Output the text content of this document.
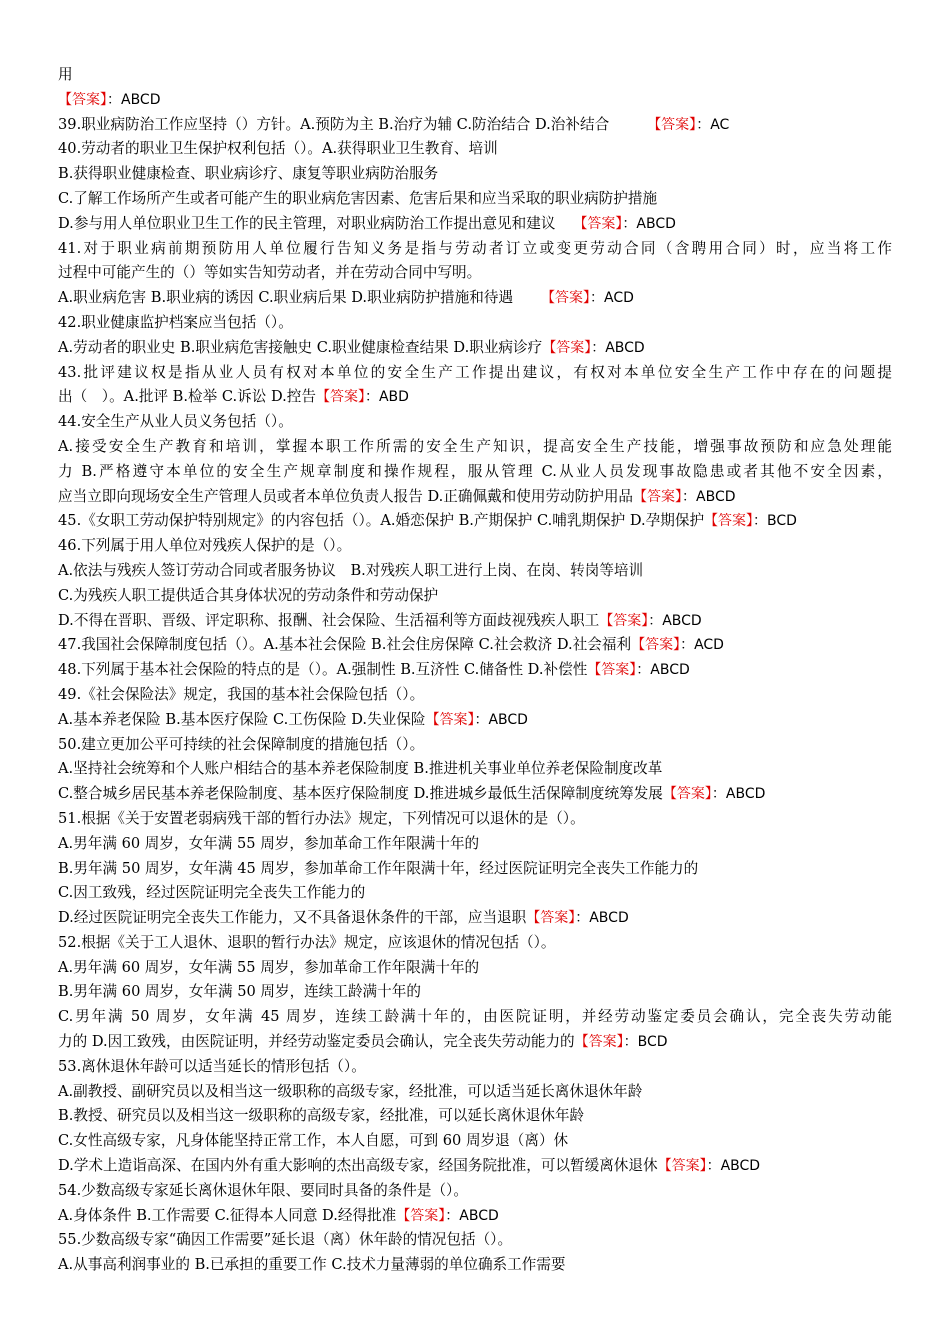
用
【答案】：ABCD
39.职业病防治工作应坚持（）方针。A.预防为主 B.治疗为辅 C.防治结合 D.治补结合	【答案】：AC
40.劳动者的职业卫生保护权利包括（）。A.获得职业卫生教育、培训
B.获得职业健康检查、职业病诊疗、康复等职业病防治服务
C.了解工作场所产生或者可能产生的职业病危害因素、危害后果和应当采取的职业病防护措施
D.参与用人单位职业卫生工作的民主管理，对职业病防治工作提出意见和建议 【答案】：ABCD
41.对于职业病前期预防用人单位履行告知义务是指与劳动者订立或变更劳动合同（含聘用合同）时，应当将工作
过程中可能产生的（）等如实告知劳动者，并在劳动合同中写明。
A.职业病危害 B.职业病的诱因 C.职业病后果 D.职业病防护措施和待遇 【答案】：ACD
42.职业健康监护档案应当包括（）。
A.劳动者的职业史 B.职业病危害接触史 C.职业健康检查结果 D.职业病诊疗【答案】：ABCD
43.批评建议权是指从业人员有权对本单位的安全生产工作提出建议，有权对本单位安全生产工作中存在的问题提
出（　）。A.批评 B.检举 C.诉讼 D.控告【答案】：ABD
44.安全生产从业人员义务包括（）。
A.接受安全生产教育和培训，掌握本职工作所需的安全生产知识，提高安全生产技能，增强事故预防和应急处理能
力 B.严格遵守本单位的安全生产规章制度和操作规程，服从管理 C.从业人员发现事故隐患或者其他不安全因素，
应当立即向现场安全生产管理人员或者本单位负责人报告 D.正确佩戴和使用劳动防护用品【答案】：ABCD
45.《女职工劳动保护特别规定》的内容包括（）。A.婚恋保护 B.产期保护 C.哺乳期保护 D.孕期保护【答案】：BCD
46.下列属于用人单位对残疾人保护的是（）。
A.依法与残疾人签订劳动合同或者服务协议　B.对残疾人职工进行上岗、在岗、转岗等培训
C.为残疾人职工提供适合其身体状况的劳动条件和劳动保护
D.不得在晋职、晋级、评定职称、报酬、社会保险、生活福利等方面歧视残疾人职工【答案】：ABCD
47.我国社会保障制度包括（）。A.基本社会保险 B.社会住房保障 C.社会救济 D.社会福利【答案】：ACD
48.下列属于基本社会保险的特点的是（）。A.强制性 B.互济性 C.储备性 D.补偿性【答案】：ABCD
49.《社会保险法》规定，我国的基本社会保险包括（）。
A.基本养老保险 B.基本医疗保险 C.工伤保险 D.失业保险【答案】：ABCD
50.建立更加公平可持续的社会保障制度的措施包括（）。
A.坚持社会统筹和个人账户相结合的基本养老保险制度 B.推进机关事业单位养老保险制度改革
C.整合城乡居民基本养老保险制度、基本医疗保险制度 D.推进城乡最低生活保障制度统筹发展【答案】：ABCD
51.根据《关于安置老弱病残干部的暂行办法》规定，下列情况可以退休的是（）。
A.男年满 60 周岁，女年满 55 周岁，参加革命工作年限满十年的
B.男年满 50 周岁，女年满 45 周岁，参加革命工作年限满十年，经过医院证明完全丧失工作能力的
C.因工致残，经过医院证明完全丧失工作能力的
D.经过医院证明完全丧失工作能力，又不具备退休条件的干部，应当退职【答案】：ABCD
52.根据《关于工人退休、退职的暂行办法》规定，应该退休的情况包括（）。
A.男年满 60 周岁，女年满 55 周岁，参加革命工作年限满十年的
B.男年满 60 周岁，女年满 50 周岁，连续工龄满十年的
C.男年满 50 周岁，女年满 45 周岁，连续工龄满十年的，由医院证明，并经劳动鉴定委员会确认，完全丧失劳动能
力的 D.因工致残，由医院证明，并经劳动鉴定委员会确认，完全丧失劳动能力的【答案】：BCD
53.离休退休年龄可以适当延长的情形包括（）。
A.副教授、副研究员以及相当这一级职称的高级专家，经批准，可以适当延长离休退休年龄
B.教授、研究员以及相当这一级职称的高级专家，经批准，可以延长离休退休年龄
C.女性高级专家，凡身体能坚持正常工作，本人自愿，可到 60 周岁退（离）休
D.学术上造诣高深、在国内外有重大影响的杰出高级专家，经国务院批准，可以暂缓离休退休【答案】：ABCD
54.少数高级专家延长离休退休年限、要同时具备的条件是（）。
A.身体条件 B.工作需要 C.征得本人同意 D.经得批准【答案】：ABCD
55.少数高级专家“确因工作需要”延长退（离）休年龄的情况包括（）。
A.从事高利润事业的 B.已承担的重要工作 C.技术力量薄弱的单位确系工作需要
